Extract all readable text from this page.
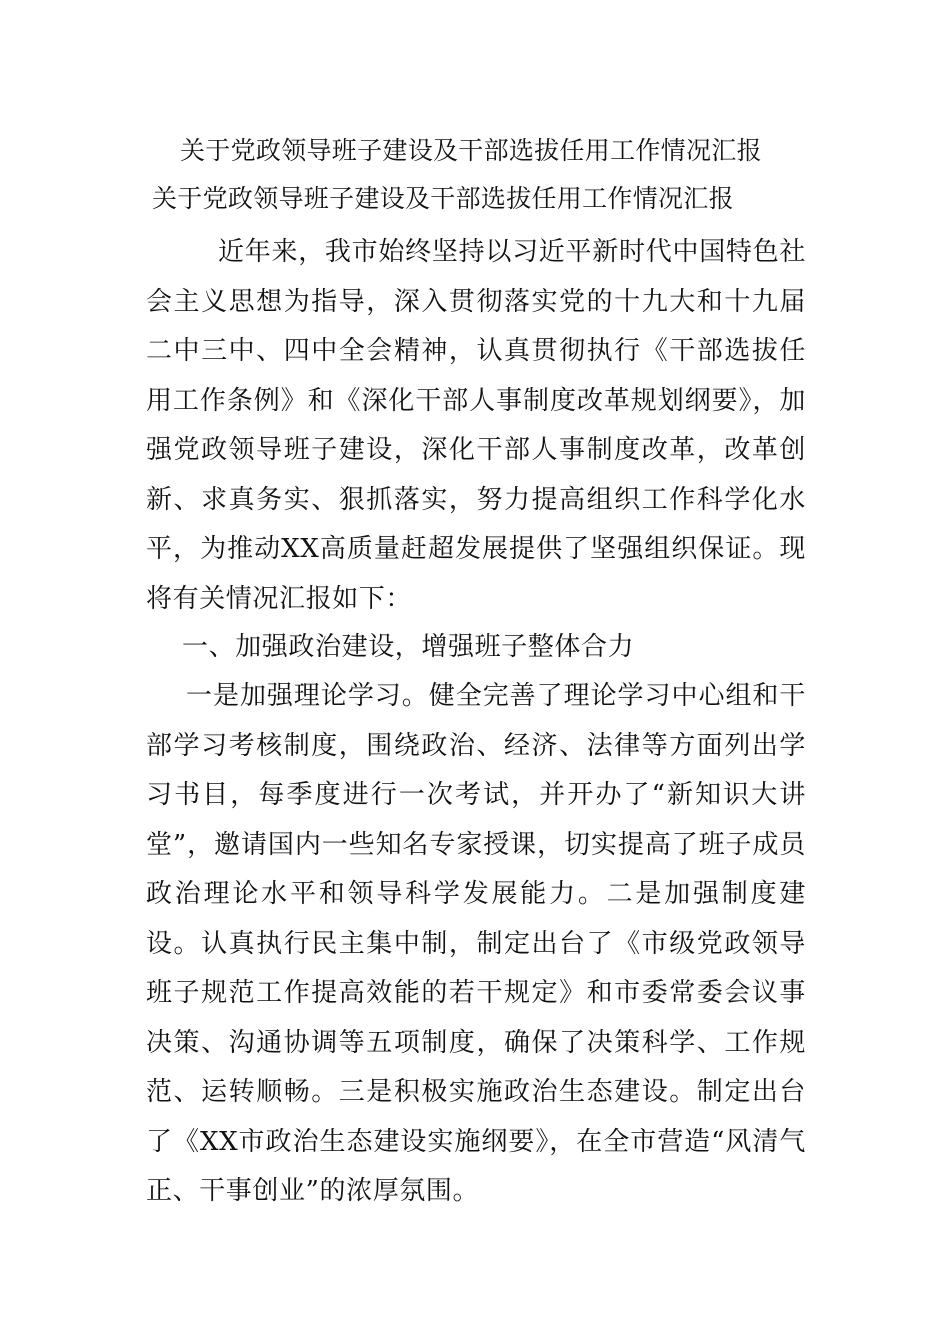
关于党政领导班子建设及干部选拔任用工作情况汇报
关于党政领导班子建设及干部选拔任用工作情况汇报
近年来，我市始终坚持以习近平新时代中国特色社会主义思想为指导，深入贯彻落实党的十九大和十九届二中三中、四中全会精神，认真贯彻执行《干部选拔任用工作条例》和《深化干部人事制度改革规划纲要》，加强党政领导班子建设，深化干部人事制度改革，改革创新、求真务实、狠抓落实，努力提高组织工作科学化水平，为推动XX高质量赶超发展提供了坚强组织保证。现将有关情况汇报如下：
一、加强政治建设，增强班子整体合力
一是加强理论学习。健全完善了理论学习中心组和干部学习考核制度，围绕政治、经济、法律等方面列出学习书目，每季度进行一次考试，并开办了“新知识大讲堂”，邀请国内一些知名专家授课，切实提高了班子成员政治理论水平和领导科学发展能力。二是加强制度建设。认真执行民主集中制，制定出台了《市级党政领导班子规范工作提高效能的若干规定》和市委常委会议事决策、沟通协调等五项制度，确保了决策科学、工作规范、运转顺畅。三是积极实施政治生态建设。制定出台了《XX市政治生态建设实施纲要》，在全市营造“风清气正、干事创业”的浓厚氛围。
